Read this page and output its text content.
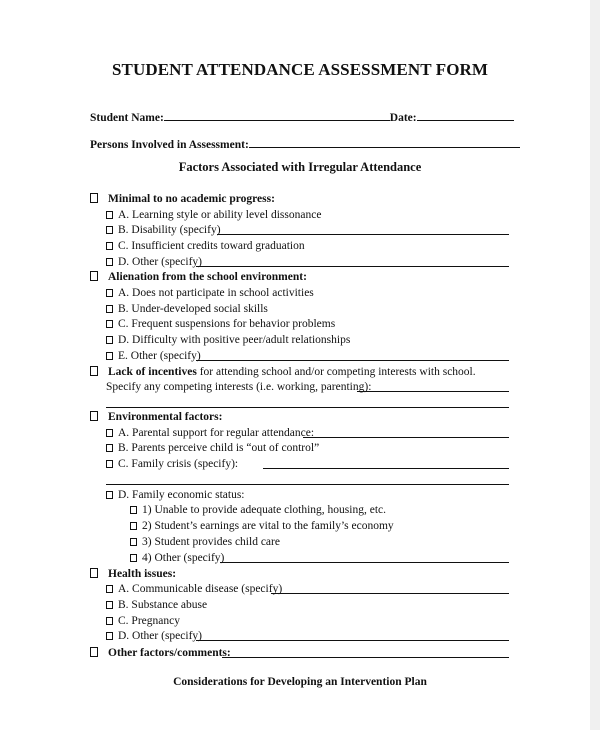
STUDENT ATTENDANCE ASSESSMENT FORM
Student Name:	Date:
Persons Involved in Assessment:
Factors Associated with Irregular Attendance
Minimal to no academic progress:
A. Learning style or ability level dissonance
B. Disability (specify)
C. Insufficient credits toward graduation
D. Other (specify)
Alienation from the school environment:
A. Does not participate in school activities
B. Under-developed social skills
C. Frequent suspensions for behavior problems
D. Difficulty with positive peer/adult relationships
E. Other (specify)
Lack of incentives for attending school and/or competing interests with school.
Specify any competing interests (i.e. working, parenting):
Environmental factors:
A. Parental support for regular attendance:
B. Parents perceive child is “out of control”
C. Family crisis (specify):
D. Family economic status:
1) Unable to provide adequate clothing, housing, etc.
2) Student’s earnings are vital to the family’s economy
3) Student provides child care
4) Other (specify)
Health issues:
A. Communicable disease (specify)
B. Substance abuse
C. Pregnancy
D. Other (specify)
Other factors/comments:
Considerations for Developing an Intervention Plan
